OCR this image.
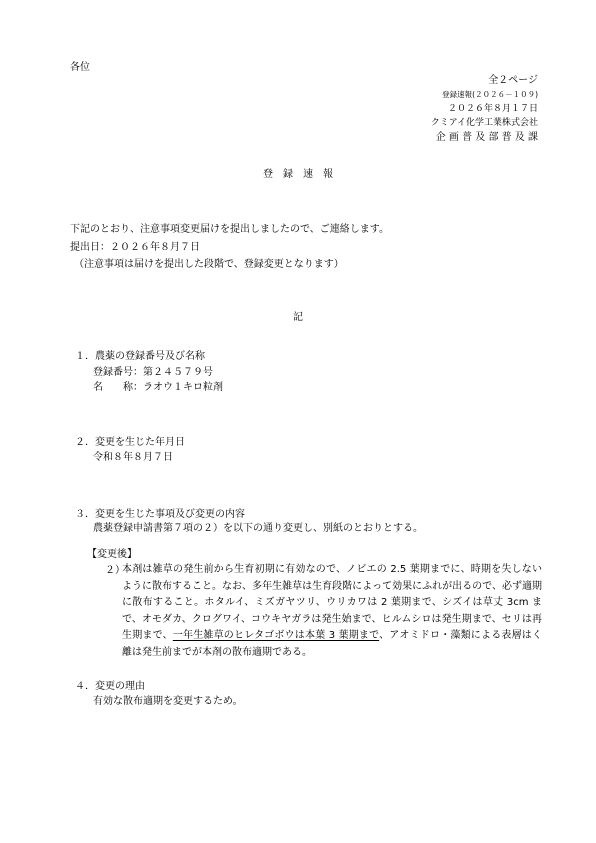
各位
全２ページ
登録速報(２０２６－１０９)
２０２６年８月１７日
クミアイ化学工業株式会社
企 画 普 及 部 普 及 課
登　録　速　報
下記のとおり、注意事項変更届けを提出しましたので、ご連絡します。
提出日：２０２６年８月７日
（注意事項は届けを提出した段階で、登録変更となります）
記
１．農薬の登録番号及び名称
登録番号：第２４５７９号
名　　称：ラオウ１キロ粒剤
２．変更を生じた年月日
令和８年８月７日
３．変更を生じた事項及び変更の内容
農薬登録申請書第７項の２）を以下の通り変更し、別紙のとおりとする。
【変更後】
２）
本剤は雑草の発生前から生育初期に有効なので、ノビエの 2.5 葉期までに、時期を失しないように散布すること。なお、多年生雑草は生育段階によって効果にふれが出るので、必ず適期に散布すること。ホタルイ、ミズガヤツリ、ウリカワは 2 葉期まで、シズイは草丈 3cm まで、オモダカ、クログワイ、コウキヤガラは発生始まで、ヒルムシロは発生期まで、セリは再生期まで、一年生雑草のヒレタゴボウは本葉 3 葉期まで、アオミドロ・藻類による表層はく離は発生前までが本剤の散布適期である。
４．変更の理由
有効な散布適期を変更するため。
